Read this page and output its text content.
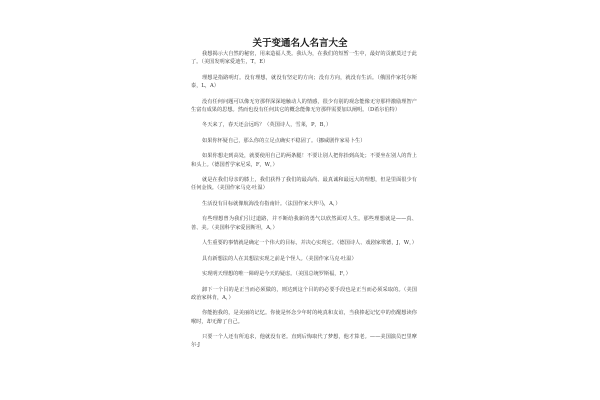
关于变通名人名言大全

我想揭示大自然的秘密，用来造福人类。我认为，在我们的短暂一生中，最好的贡献莫过于此了。（美国发明家爱迪生，T，E）

理想是指路明灯。没有理想，就没有坚定的方向；没有方向，就没有生活。（俄国作家托尔斯泰，L，A）

没有任何问题可以像无穷那样深深地触动人的情感，很少有别的观念能像无穷那样激励理智产生富有成果的思想。然而也没有任何其它的概念能像无穷那样需要加以阐明。（D希尔伯特）

冬天来了，春天还会远吗？（英国诗人，雪莱，P，B，）

如果你怀疑自己，那么你的立足点确实不稳固了。（挪威剧作家易卜生）

如果你想走到高处，就要使用自己的两条腿！不要让别人把你抬到高处；不要坐在别人的背上和头上。（德国哲学家尼采，F，W，）

就是在我们母亲的膝上，我们获得了我们的最高尚、最真诚和最远大的理想，但是里面很少有任何金钱。（美国作家马克·吐温）

生活没有目标就像航海没有指南针。（法国作家大仲马，A，）

有些理想曾为我们引过道路，并不断给我新的勇气以欣然面对人生。那些理想就是——真、善、美。（美国科学家爱因斯坦，A，）

人生重要的事情就是确定一个伟大的目标，并决心实现它。（德国诗人、戏剧家歌德，J，W，）

具有新想法的人在其想法实现之前是个怪人。（美国作家马克·吐温）

实现明天理想的唯一障碍是今天的疑虑。（美国总统罗斯福，F，）

卸下一个目的是正当而必须做的，则达到这个目的的必要手段也是正当而必须采取的。（美国政治家林肯，A，）

你能抱我的，是美丽的记忆。你使是怀念少年时的纯真和友谊，当我捧起记忆中的伤醒想读你喉时，却无醉了自己。

只要一个人还有所追求，他就没有老。直到后悔取代了梦想，他才算老。——美国演员巴里摩尔·J
